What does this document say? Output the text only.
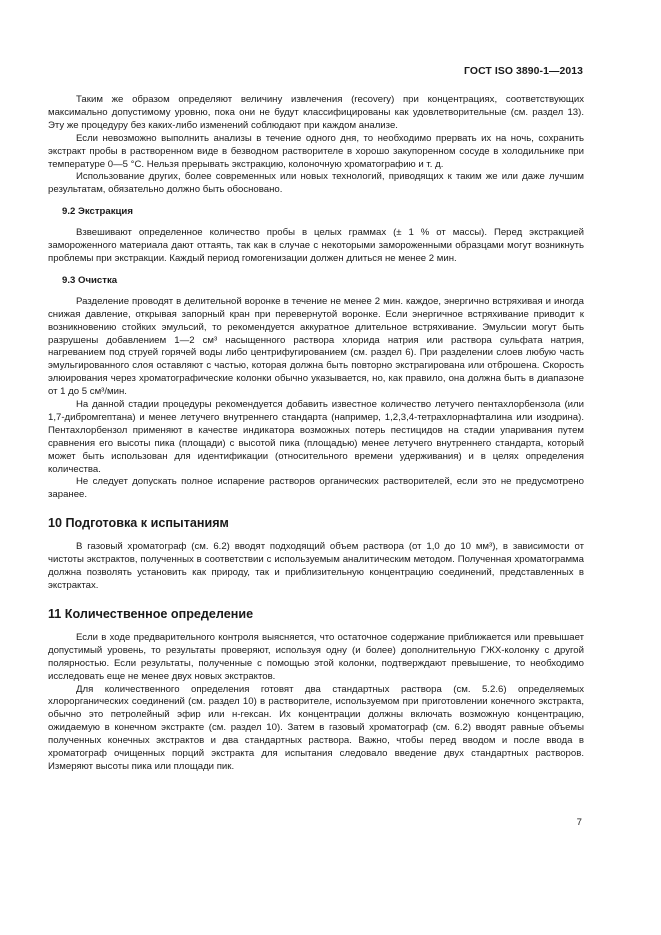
ГОСТ ISO 3890-1—2013

Таким же образом определяют величину извлечения (recovery) при концентрациях, соответствующих максимально допустимому уровню, пока они не будут классифицированы как удовлетворительные (см. раздел 13). Эту же процедуру без каких-либо изменений соблюдают при каждом анализе.

Если невозможно выполнить анализы в течение одного дня, то необходимо прервать их на ночь, сохранить экстракт пробы в растворенном виде в безводном растворителе в хорошо закупоренном сосуде в холодильнике при температуре 0—5 °С. Нельзя прерывать экстракцию, колоночную хроматографию и т. д.

Использование других, более современных или новых технологий, приводящих к таким же или даже лучшим результатам, обязательно должно быть обосновано.

9.2 Экстракция

Взвешивают определенное количество пробы в целых граммах (± 1 % от массы). Перед экстракцией замороженного материала дают оттаять, так как в случае с некоторыми замороженными образцами могут возникнуть проблемы при экстракции. Каждый период гомогенизации должен длиться не менее 2 мин.

9.3 Очистка

Разделение проводят в делительной воронке в течение не менее 2 мин. каждое, энергично встряхивая и иногда снижая давление, открывая запорный кран при перевернутой воронке. Если энергичное встряхивание приводит к возникновению стойких эмульсий, то рекомендуется аккуратное длительное встряхивание. Эмульсии могут быть разрушены добавлением 1—2 см³ насыщенного раствора хлорида натрия или раствора сульфата натрия, нагреванием под струей горячей воды либо центрифугированием (см. раздел 6). При разделении слоев любую часть эмульгированного слоя оставляют с частью, которая должна быть повторно экстрагирована или отброшена. Скорость элюирования через хроматографические колонки обычно указывается, но, как правило, она должна быть в диапазоне от 1 до 5 см³/мин.

На данной стадии процедуры рекомендуется добавить известное количество летучего пентахлорбензола (или 1,7-дибромгептана) и менее летучего внутреннего стандарта (например, 1,2,3,4-тетрахлорнафталина или изодрина). Пентахлорбензол применяют в качестве индикатора возможных потерь пестицидов на стадии упаривания путем сравнения его высоты пика (площади) с высотой пика (площадью) менее летучего внутреннего стандарта, который может быть использован для идентификации (относительного времени удерживания) и в целях определения количества.

Не следует допускать полное испарение растворов органических растворителей, если это не предусмотрено заранее.

10 Подготовка к испытаниям

В газовый хроматограф (см. 6.2) вводят подходящий объем раствора (от 1,0 до 10 мм³), в зависимости от чистоты экстрактов, полученных в соответствии с используемым аналитическим методом. Полученная хроматограмма должна позволять установить как природу, так и приблизительную концентрацию соединений, представленных в экстрактах.

11 Количественное определение

Если в ходе предварительного контроля выясняется, что остаточное содержание приближается или превышает допустимый уровень, то результаты проверяют, используя одну (и более) дополнительную ГЖХ-колонку с другой полярностью. Если результаты, полученные с помощью этой колонки, подтверждают превышение, то необходимо исследовать еще не менее двух новых экстрактов.

Для количественного определения готовят два стандартных раствора (см. 5.2.6) определяемых хлорорганических соединений (см. раздел 10) в растворителе, используемом при приготовлении конечного экстракта, обычно это петролейный эфир или н-гексан. Их концентрации должны включать возможную концентрацию, ожидаемую в конечном экстракте (см. раздел 10). Затем в газовый хроматограф (см. 6.2) вводят равные объемы полученных конечных экстрактов и два стандартных раствора. Важно, чтобы перед вводом и после ввода в хроматограф очищенных порций экстракта для испытания следовало введение двух стандартных растворов. Измеряют высоты пика или площади пик.

7
